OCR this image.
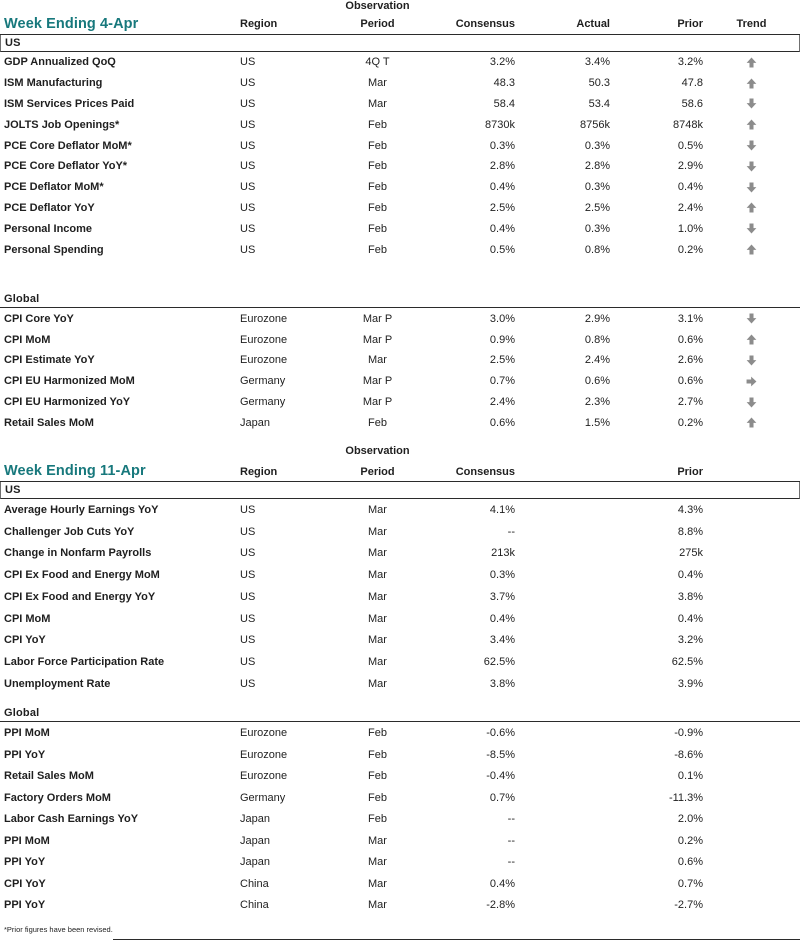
Observation
Week Ending 4-Apr	Region	Period	Consensus	Actual	Prior	Trend
US
GDP Annualized QoQ	US	4Q T	3.2%	3.4%	3.2%
ISM Manufacturing	US	Mar	48.3	50.3	47.8
ISM Services Prices Paid	US	Mar	58.4	53.4	58.6
JOLTS Job Openings*	US	Feb	8730k	8756k	8748k
PCE Core Deflator MoM*	US	Feb	0.3%	0.3%	0.5%
PCE Core Deflator YoY*	US	Feb	2.8%	2.8%	2.9%
PCE Deflator MoM*	US	Feb	0.4%	0.3%	0.4%
PCE Deflator YoY	US	Feb	2.5%	2.5%	2.4%
Personal Income	US	Feb	0.4%	0.3%	1.0%
Personal Spending	US	Feb	0.5%	0.8%	0.2%
Global
CPI Core YoY	Eurozone	Mar P	3.0%	2.9%	3.1%
CPI MoM	Eurozone	Mar P	0.9%	0.8%	0.6%
CPI Estimate YoY	Eurozone	Mar	2.5%	2.4%	2.6%
CPI EU Harmonized MoM	Germany	Mar P	0.7%	0.6%	0.6%
CPI EU Harmonized YoY	Germany	Mar P	2.4%	2.3%	2.7%
Retail Sales MoM	Japan	Feb	0.6%	1.5%	0.2%
Observation
Week Ending 11-Apr	Region	Period	Consensus	Prior
US
Average Hourly Earnings YoY	US	Mar	4.1%	4.3%
Challenger Job Cuts YoY	US	Mar	--	8.8%
Change in Nonfarm Payrolls	US	Mar	213k	275k
CPI Ex Food and Energy MoM	US	Mar	0.3%	0.4%
CPI Ex Food and Energy YoY	US	Mar	3.7%	3.8%
CPI MoM	US	Mar	0.4%	0.4%
CPI YoY	US	Mar	3.4%	3.2%
Labor Force Participation Rate	US	Mar	62.5%	62.5%
Unemployment Rate	US	Mar	3.8%	3.9%
Global
PPI MoM	Eurozone	Feb	-0.6%	-0.9%
PPI YoY	Eurozone	Feb	-8.5%	-8.6%
Retail Sales MoM	Eurozone	Feb	-0.4%	0.1%
Factory Orders MoM	Germany	Feb	0.7%	-11.3%
Labor Cash Earnings YoY	Japan	Feb	--	2.0%
PPI MoM	Japan	Mar	--	0.2%
PPI YoY	Japan	Mar	--	0.6%
CPI YoY	China	Mar	0.4%	0.7%
PPI YoY	China	Mar	-2.8%	-2.7%
*Prior figures have been revised.
